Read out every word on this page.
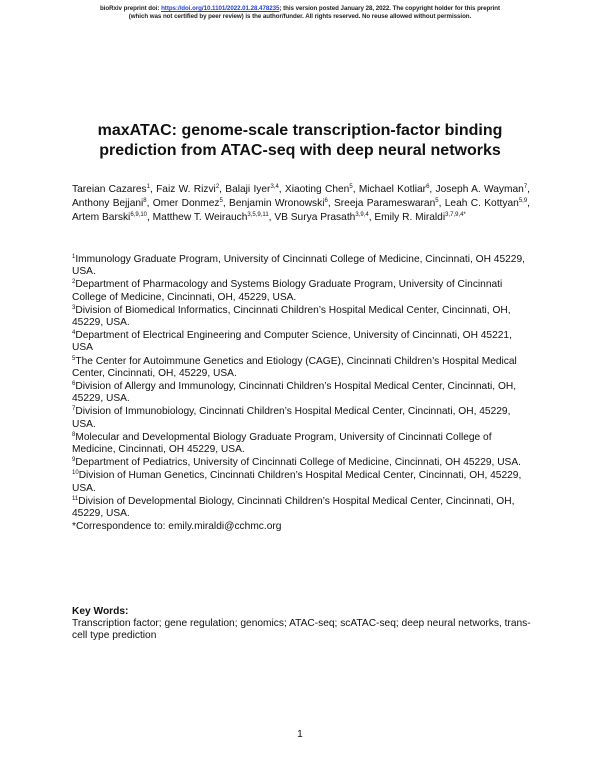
bioRxiv preprint doi: https://doi.org/10.1101/2022.01.28.478235; this version posted January 28, 2022. The copyright holder for this preprint
(which was not certified by peer review) is the author/funder. All rights reserved. No reuse allowed without permission.
maxATAC: genome-scale transcription-factor binding prediction from ATAC-seq with deep neural networks
Tareian Cazares$^1$, Faiz W. Rizvi$^2$, Balaji Iyer$^{3,4}$, Xiaoting Chen$^5$, Michael Kotliar$^6$, Joseph A. Wayman$^7$, Anthony Bejjani$^8$, Omer Donmez$^5$, Benjamin Wronowski$^6$, Sreeja Parameswaran$^5$, Leah C. Kottyan$^{5,9}$, Artem Barski$^{6,9,10}$, Matthew T. Weirauch$^{3,5,9,11}$, VB Surya Prasath$^{3,9,4}$, Emily R. Miraldi$^{3,7,9,4*}$
$^1$Immunology Graduate Program, University of Cincinnati College of Medicine, Cincinnati, OH 45229, USA.
$^2$Department of Pharmacology and Systems Biology Graduate Program, University of Cincinnati College of Medicine, Cincinnati, OH, 45229, USA.
$^3$Division of Biomedical Informatics, Cincinnati Children’s Hospital Medical Center, Cincinnati, OH, 45229, USA.
$^4$Department of Electrical Engineering and Computer Science, University of Cincinnati, OH 45221, USA
$^5$The Center for Autoimmune Genetics and Etiology (CAGE), Cincinnati Children’s Hospital Medical Center, Cincinnati, OH, 45229, USA.
$^6$Division of Allergy and Immunology, Cincinnati Children’s Hospital Medical Center, Cincinnati, OH, 45229, USA.
$^7$Division of Immunobiology, Cincinnati Children’s Hospital Medical Center, Cincinnati, OH, 45229, USA.
$^8$Molecular and Developmental Biology Graduate Program, University of Cincinnati College of Medicine, Cincinnati, OH 45229, USA.
$^9$Department of Pediatrics, University of Cincinnati College of Medicine, Cincinnati, OH 45229, USA.
$^{10}$Division of Human Genetics, Cincinnati Children’s Hospital Medical Center, Cincinnati, OH, 45229, USA.
$^{11}$Division of Developmental Biology, Cincinnati Children’s Hospital Medical Center, Cincinnati, OH, 45229, USA.
*Correspondence to: emily.miraldi@cchmc.org
Key Words:
Transcription factor; gene regulation; genomics; ATAC-seq; scATAC-seq; deep neural networks, trans-cell type prediction
1
